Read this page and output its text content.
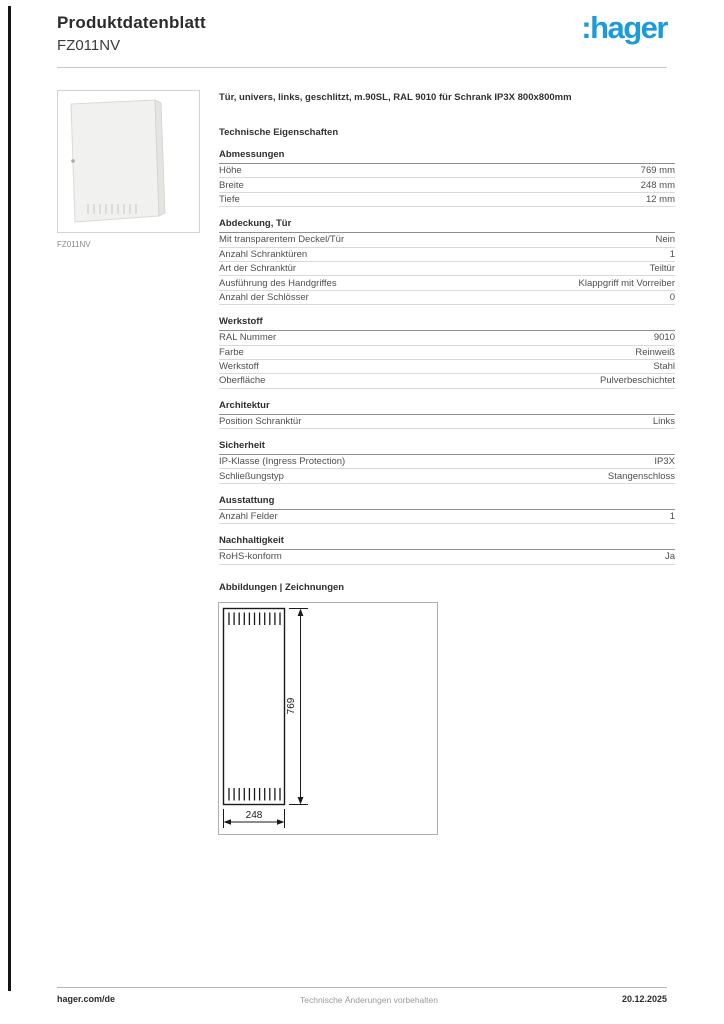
Produktdatenblatt
FZ011NV
:hager
FZ011NV
Tür, univers, links, geschlitzt, m.90SL, RAL 9010 für Schrank IP3X 800x800mm
Technische Eigenschaften
Abmessungen
Höhe	769 mm
Breite	248 mm
Tiefe	12 mm
Abdeckung, Tür
Mit transparentem Deckel/Tür	Nein
Anzahl Schranktüren	1
Art der Schranktür	Teiltür
Ausführung des Handgriffes	Klappgriff mit Vorreiber
Anzahl der Schlösser	0
Werkstoff
RAL Nummer	9010
Farbe	Reinweiß
Werkstoff	Stahl
Oberfläche	Pulverbeschichtet
Architektur
Position Schranktür	Links
Sicherheit
IP-Klasse (Ingress Protection)	IP3X
Schließungstyp	Stangenschloss
Ausstattung
Anzahl Felder	1
Nachhaltigkeit
RoHS-konform	Ja
Abbildungen | Zeichnungen
769
248
hager.com/de	Technische Änderungen vorbehalten	20.12.2025
